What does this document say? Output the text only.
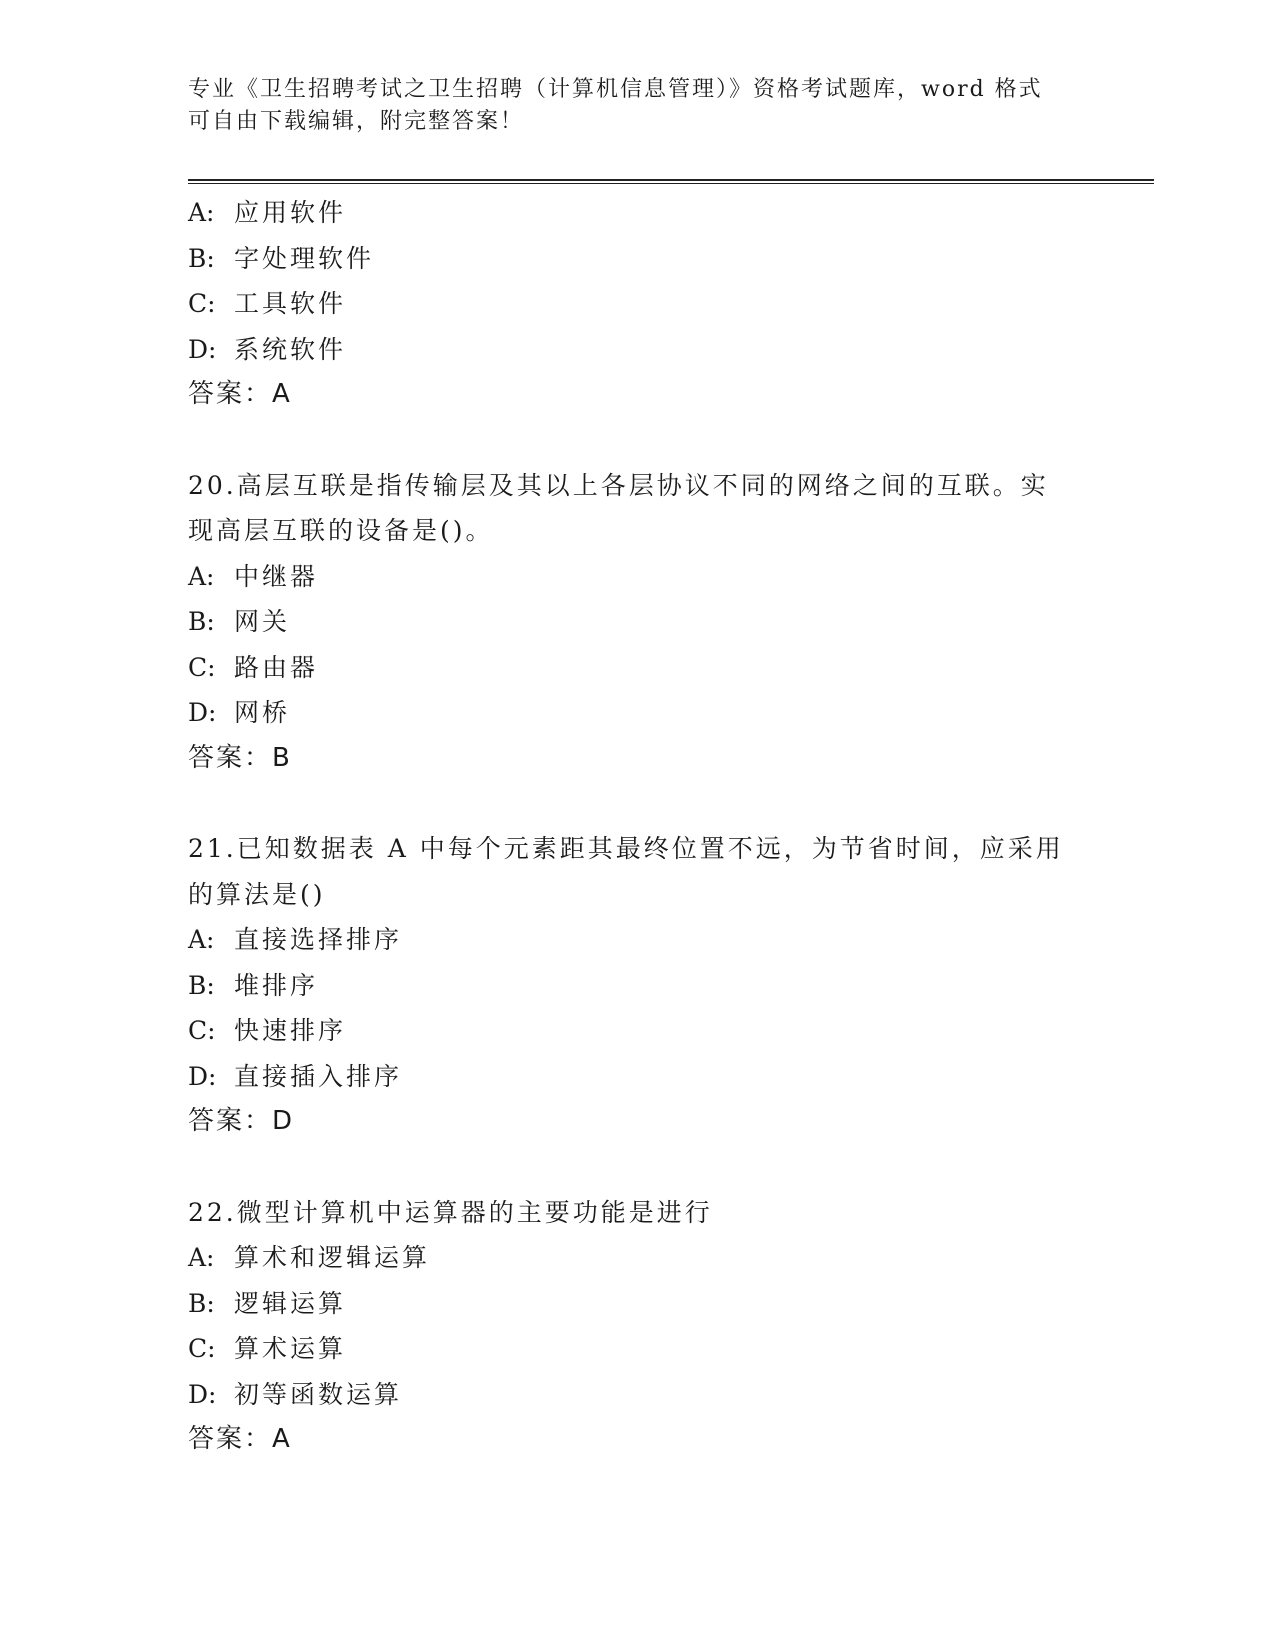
专业《卫生招聘考试之卫生招聘（计算机信息管理）》资格考试题库，word 格式
可自由下载编辑，附完整答案！
A: 应用软件
B: 字处理软件
C: 工具软件
D: 系统软件
答案：A
20.高层互联是指传输层及其以上各层协议不同的网络之间的互联。实
现高层互联的设备是()。
A: 中继器
B: 网关
C: 路由器
D: 网桥
答案：B
21.已知数据表 A 中每个元素距其最终位置不远，为节省时间，应采用
的算法是()
A: 直接选择排序
B: 堆排序
C: 快速排序
D: 直接插入排序
答案：D
22.微型计算机中运算器的主要功能是进行
A: 算术和逻辑运算
B: 逻辑运算
C: 算术运算
D: 初等函数运算
答案：A
